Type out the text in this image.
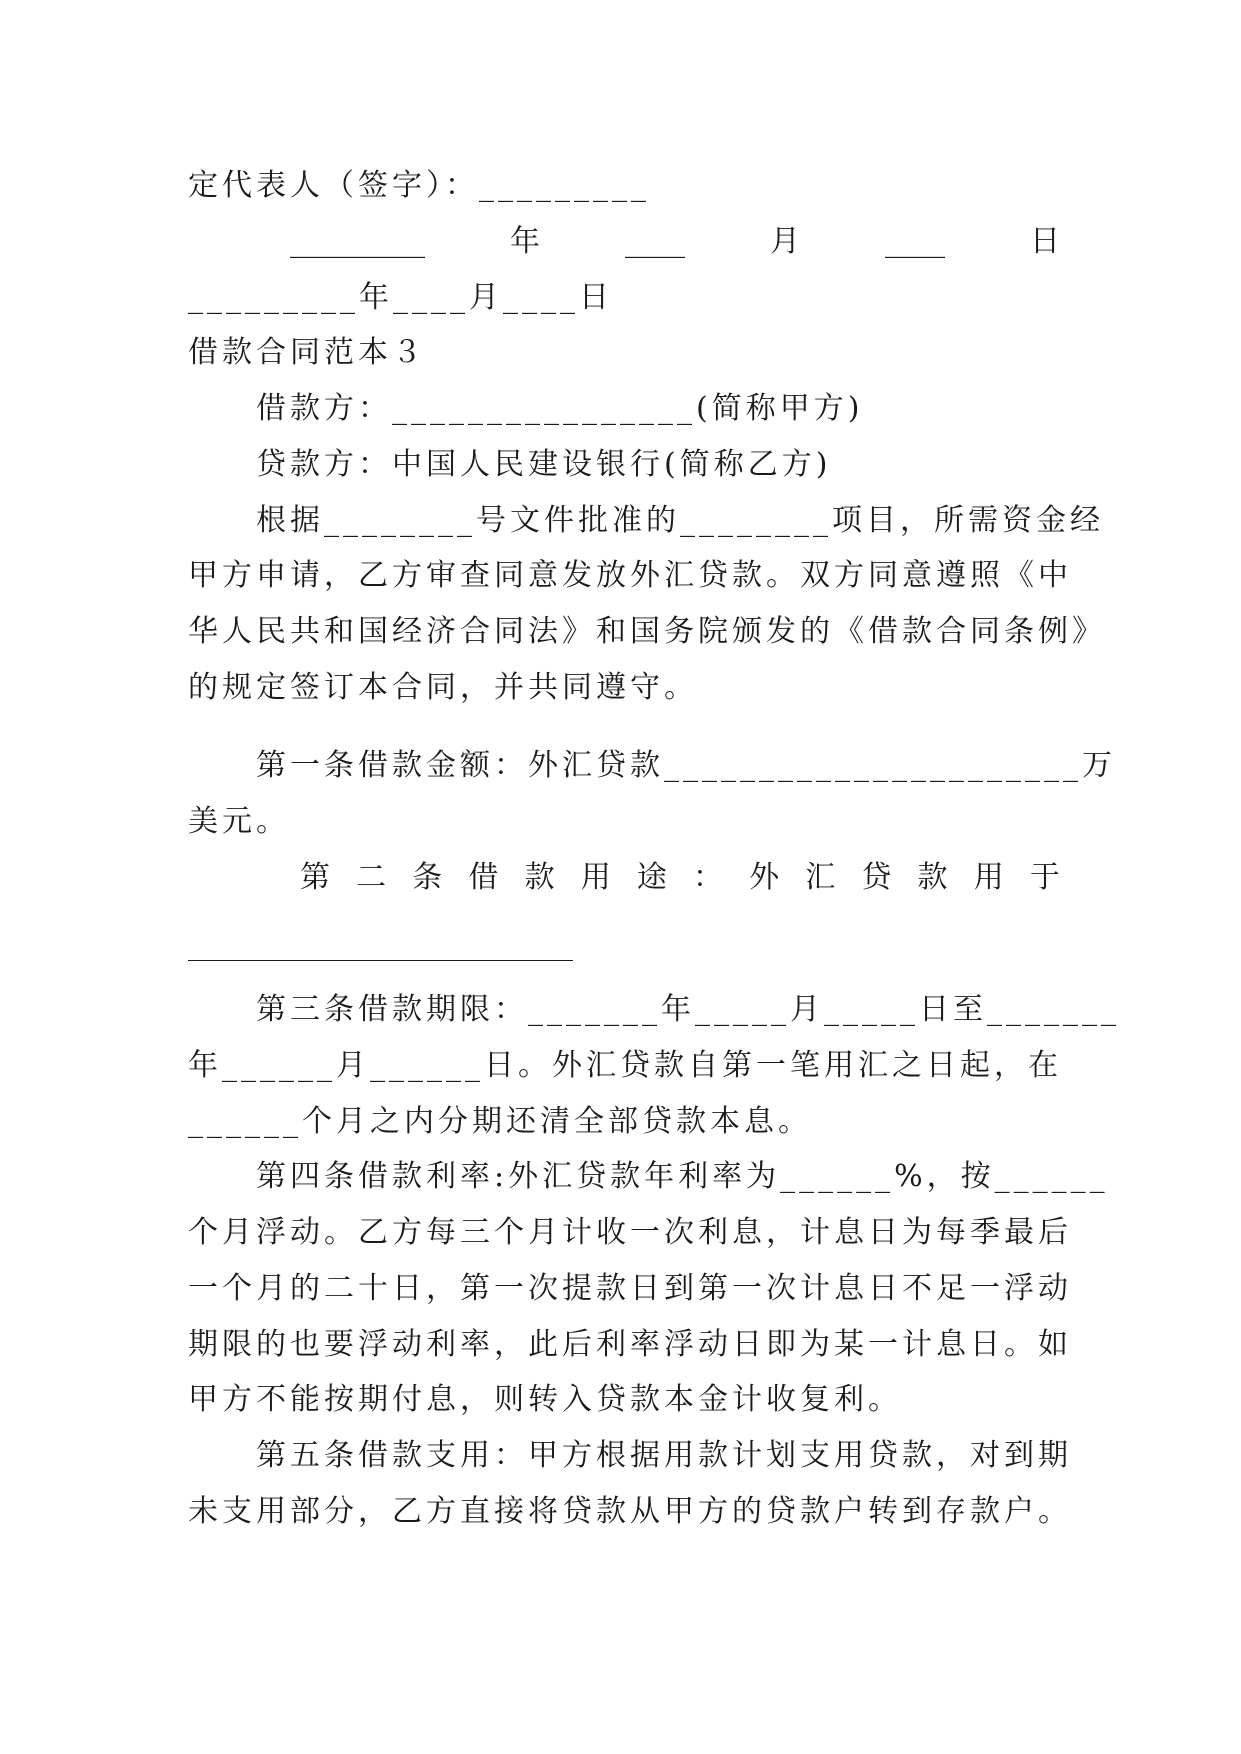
定代表人（签字）：_________
_________	年	____	月	____	日
_________年____月____日
借款合同范本３
借款方：________________(简称甲方)
贷款方：中国人民建设银行(简称乙方)
根据________号文件批准的________项目，所需资金经
甲方申请，乙方审查同意发放外汇贷款。双方同意遵照《中
华人民共和国经济合同法》和国务院颁发的《借款合同条例》
的规定签订本合同，并共同遵守。
第一条借款金额：外汇贷款______________________万
美元。
第 二 条 借 款 用 途 ： 外 汇 贷 款 用 于
第三条借款期限：_______年_____月_____日至_______
年______月______日。外汇贷款自第一笔用汇之日起，在
______个月之内分期还清全部贷款本息。
第四条借款利率:外汇贷款年利率为______%，按______
个月浮动。乙方每三个月计收一次利息，计息日为每季最后
一个月的二十日，第一次提款日到第一次计息日不足一浮动
期限的也要浮动利率，此后利率浮动日即为某一计息日。如
甲方不能按期付息，则转入贷款本金计收复利。
第五条借款支用：甲方根据用款计划支用贷款，对到期
未支用部分，乙方直接将贷款从甲方的贷款户转到存款户。
